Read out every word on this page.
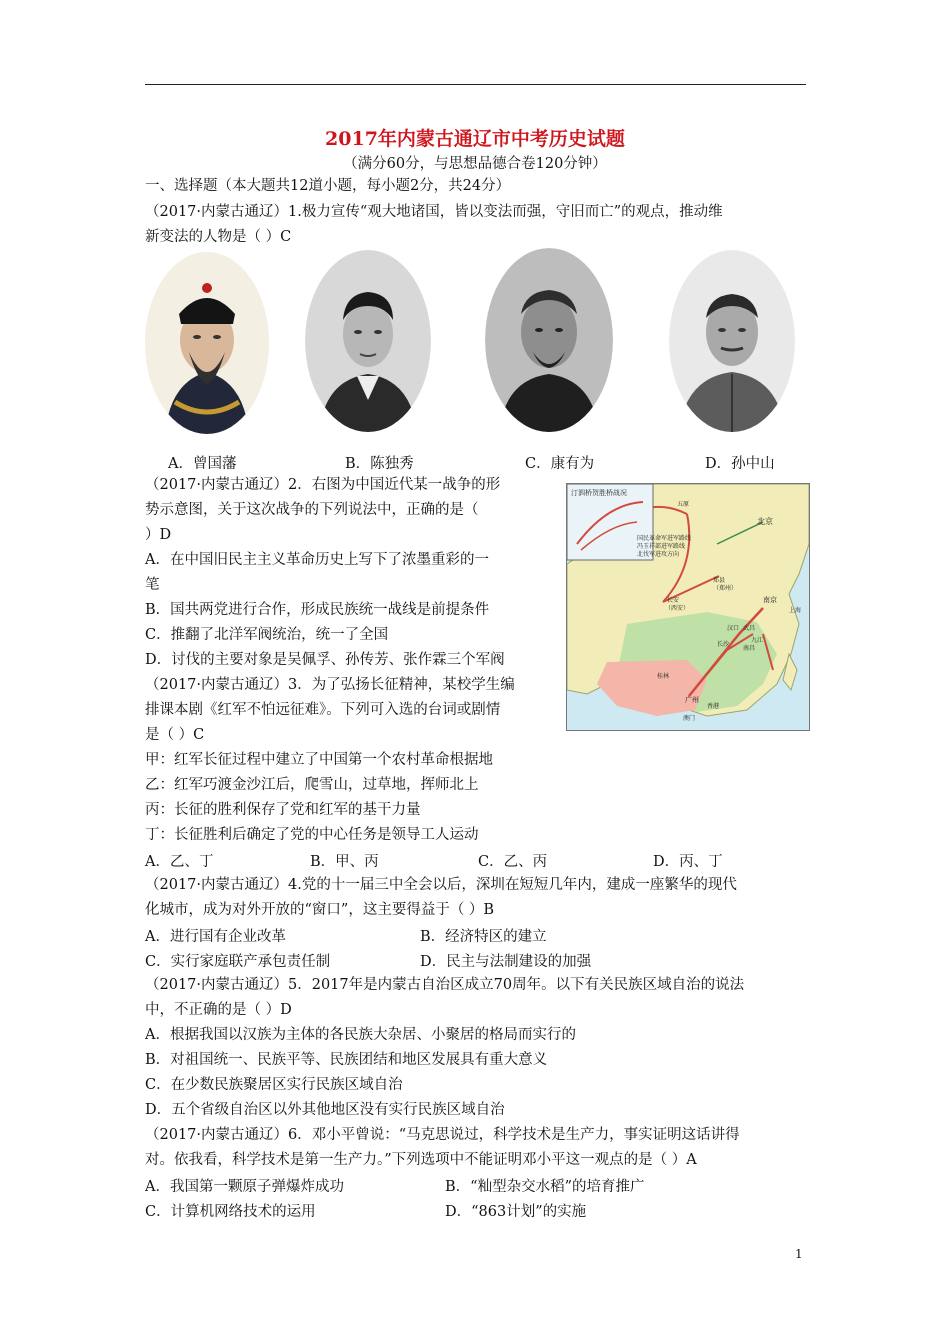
2017年内蒙古通辽市中考历史试题
（满分60分，与思想品德合卷120分钟）
一、选择题（本大题共12道小题，每小题2分，共24分）
（2017·内蒙古通辽）1.极力宣传“观大地诸国，皆以变法而强，守旧而亡”的观点，推动维
新变法的人物是（ ）C
A．曾国藩	B．陈独秀	C．康有为	D．孙中山
（2017·内蒙古通辽）2．右图为中国近代某一战争的形
势示意图，关于这次战争的下列说法中，正确的是（
）D
A．在中国旧民主主义革命历史上写下了浓墨重彩的一
笔
B．国共两党进行合作，形成民族统一战线是前提条件
C．推翻了北洋军阀统治，统一了全国
D．讨伐的主要对象是吴佩孚、孙传芳、张作霖三个军阀
汀泗桥贺胜桥战况
国民革命军进军路线
冯玉祥部进军路线
北伐军进攻方向
北京
五原
长安
（西安）
郑县
（郑州）
南京
上海
汉口 武昌
九江
长沙
南昌
桂林
广州
澳门
香港
（2017·内蒙古通辽）3．为了弘扬长征精神，某校学生编
排课本剧《红军不怕远征难》。下列可入选的台词或剧情
是（ ）C
甲：红军长征过程中建立了中国第一个农村革命根据地
乙：红军巧渡金沙江后，爬雪山，过草地，挥师北上
丙：长征的胜利保存了党和红军的基干力量
丁：长征胜利后确定了党的中心任务是领导工人运动
A．乙、丁	B．甲、丙	C．乙、丙	D．丙、丁
（2017·内蒙古通辽）4.党的十一届三中全会以后，深圳在短短几年内，建成一座繁华的现代
化城市，成为对外开放的“窗口”，这主要得益于（ ）B
A．进行国有企业改革	B．经济特区的建立
C．实行家庭联产承包责任制	D．民主与法制建设的加强
（2017·内蒙古通辽）5．2017年是内蒙古自治区成立70周年。以下有关民族区域自治的说法
中，不正确的是（ ）D
A．根据我国以汉族为主体的各民族大杂居、小聚居的格局而实行的
B．对祖国统一、民族平等、民族团结和地区发展具有重大意义
C．在少数民族聚居区实行民族区域自治
D．五个省级自治区以外其他地区没有实行民族区域自治
（2017·内蒙古通辽）6．邓小平曾说：“马克思说过，科学技术是生产力，事实证明这话讲得
对。依我看，科学技术是第一生产力。”下列选项中不能证明邓小平这一观点的是（ ）A
A．我国第一颗原子弹爆炸成功	B．“籼型杂交水稻”的培育推广
C．计算机网络技术的运用	D．“863计划”的实施
1
